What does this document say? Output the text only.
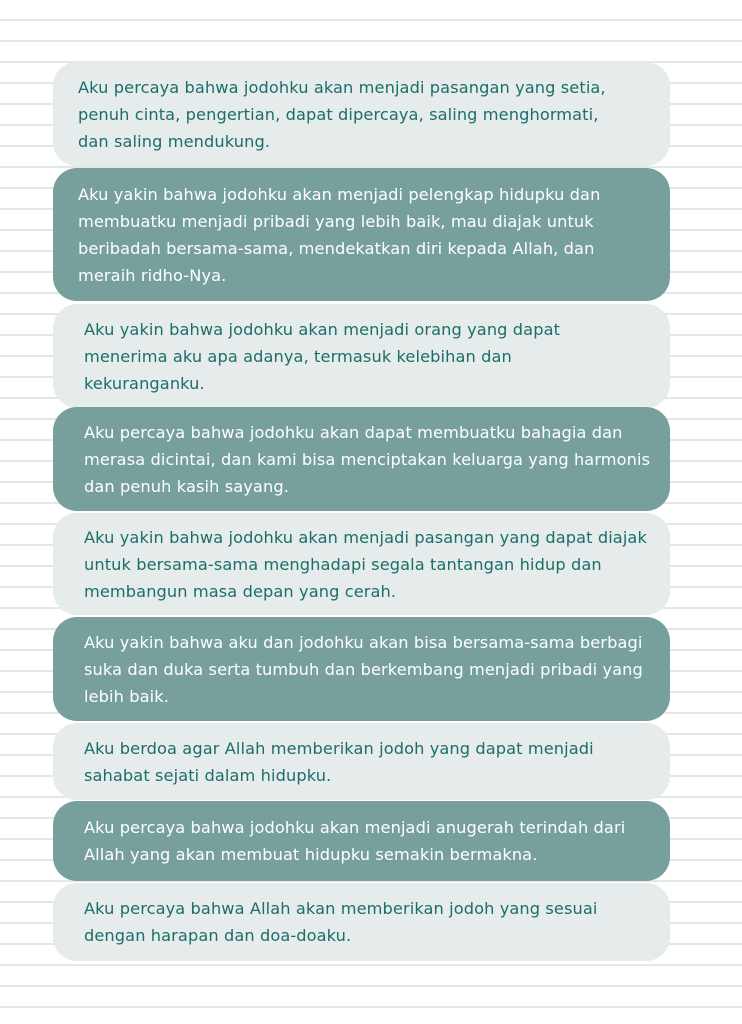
Aku percaya bahwa jodohku akan menjadi pasangan yang setia, penuh cinta, pengertian, dapat dipercaya, saling menghormati, dan saling mendukung.

Aku yakin bahwa jodohku akan menjadi pelengkap hidupku dan membuatku menjadi pribadi yang lebih baik, mau diajak untuk beribadah bersama-sama, mendekatkan diri kepada Allah, dan meraih ridho-Nya.

Aku yakin bahwa jodohku akan menjadi orang yang dapat menerima aku apa adanya, termasuk kelebihan dan kekuranganku.

Aku percaya bahwa jodohku akan dapat membuatku bahagia dan merasa dicintai, dan kami bisa menciptakan keluarga yang harmonis dan penuh kasih sayang.

Aku yakin bahwa jodohku akan menjadi pasangan yang dapat diajak untuk bersama-sama menghadapi segala tantangan hidup dan membangun masa depan yang cerah.

Aku yakin bahwa aku dan jodohku akan bisa bersama-sama berbagi suka dan duka serta tumbuh dan berkembang menjadi pribadi yang lebih baik.

Aku berdoa agar Allah memberikan jodoh yang dapat menjadi sahabat sejati dalam hidupku.

Aku percaya bahwa jodohku akan menjadi anugerah terindah dari Allah yang akan membuat hidupku semakin bermakna.

Aku percaya bahwa Allah akan memberikan jodoh yang sesuai dengan harapan dan doa-doaku.
